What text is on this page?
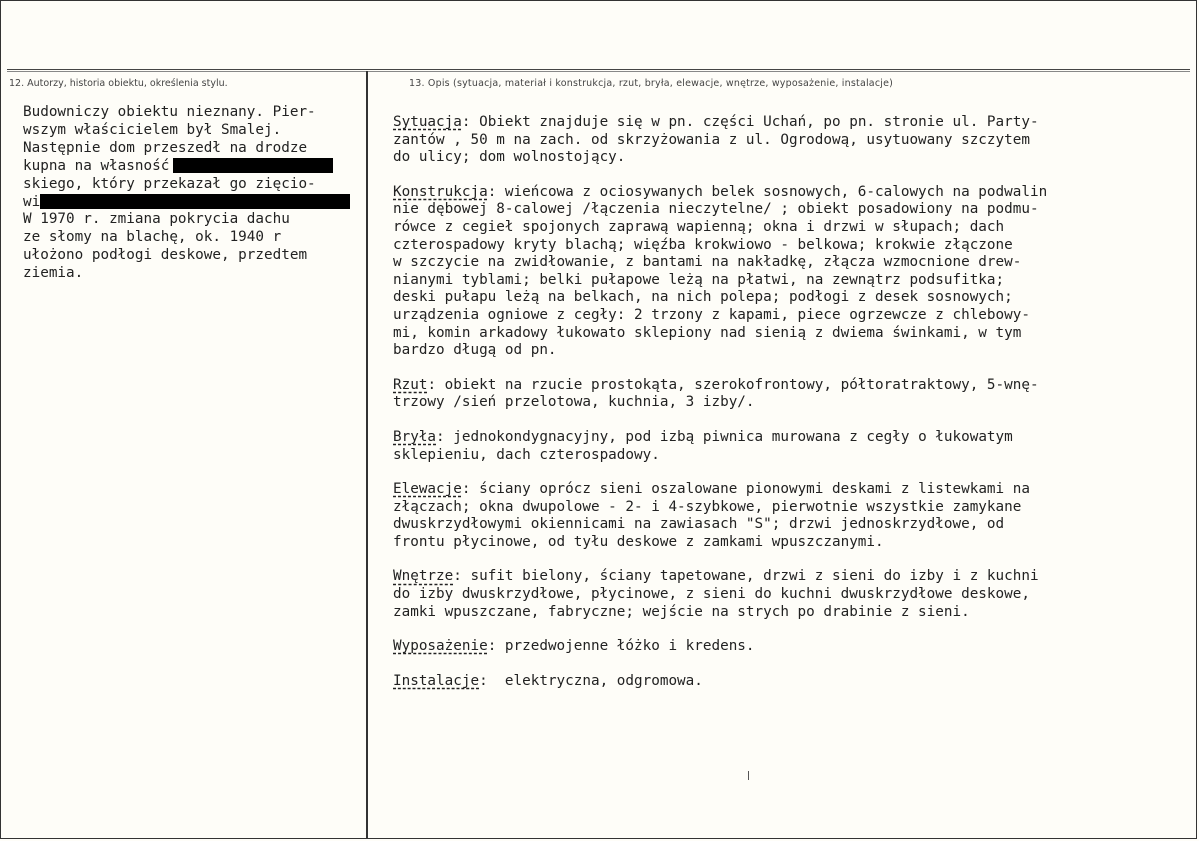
12. Autorzy, historia obiektu, określenia stylu.	13. Opis (sytuacja, materiał i konstrukcja, rzut, bryła, elewacje, wnętrze, wyposażenie, instalacje)
Budowniczy obiektu nieznany. Pier-
wszym właścicielem był Smalej.
Następnie dom przeszedł na drodze
kupna na własność
skiego, który przekazał go zięcio-
wi
W 1970 r. zmiana pokrycia dachu
ze słomy na blachę, ok. 1940 r
ułożono podłogi deskowe, przedtem
ziemia.
Sytuacja: Obiekt znajduje się w pn. części Uchań, po pn. stronie ul. Party-
zantów , 50 m na zach. od skrzyżowania z ul. Ogrodową, usytuowany szczytem
do ulicy; dom wolnostojący.
Konstrukcja: wieńcowa z ociosywanych belek sosnowych, 6-calowych na podwalin
nie dębowej 8-calowej /łączenia nieczytelne/ ; obiekt posadowiony na podmu-
rówce z cegieł spojonych zaprawą wapienną; okna i drzwi w słupach; dach
czterospadowy kryty blachą; więźba krokwiowo - belkowa; krokwie złączone
w szczycie na zwidłowanie, z bantami na nakładkę, złącza wzmocnione drew-
nianymi tyblami; belki pułapowe leżą na płatwi, na zewnątrz podsufitka;
deski pułapu leżą na belkach, na nich polepa; podłogi z desek sosnowych;
urządzenia ogniowe z cegły: 2 trzony z kapami, piece ogrzewcze z chlebowy-
mi, komin arkadowy łukowato sklepiony nad sienią z dwiema świnkami, w tym
bardzo długą od pn.
Rzut: obiekt na rzucie prostokąta, szerokofrontowy, półtoratraktowy, 5-wnę-
trzowy /sień przelotowa, kuchnia, 3 izby/.
Bryła: jednokondygnacyjny, pod izbą piwnica murowana z cegły o łukowatym
sklepieniu, dach czterospadowy.
Elewacje: ściany oprócz sieni oszalowane pionowymi deskami z listewkami na
złączach; okna dwupolowe - 2- i 4-szybkowe, pierwotnie wszystkie zamykane
dwuskrzydłowymi okiennicami na zawiasach "S"; drzwi jednoskrzydłowe, od
frontu płycinowe, od tyłu deskowe z zamkami wpuszczanymi.
Wnętrze: sufit bielony, ściany tapetowane, drzwi z sieni do izby i z kuchni
do izby dwuskrzydłowe, płycinowe, z sieni do kuchni dwuskrzydłowe deskowe,
zamki wpuszczane, fabryczne; wejście na strych po drabinie z sieni.
Wyposażenie: przedwojenne łóżko i kredens.
Instalacje:  elektryczna, odgromowa.
